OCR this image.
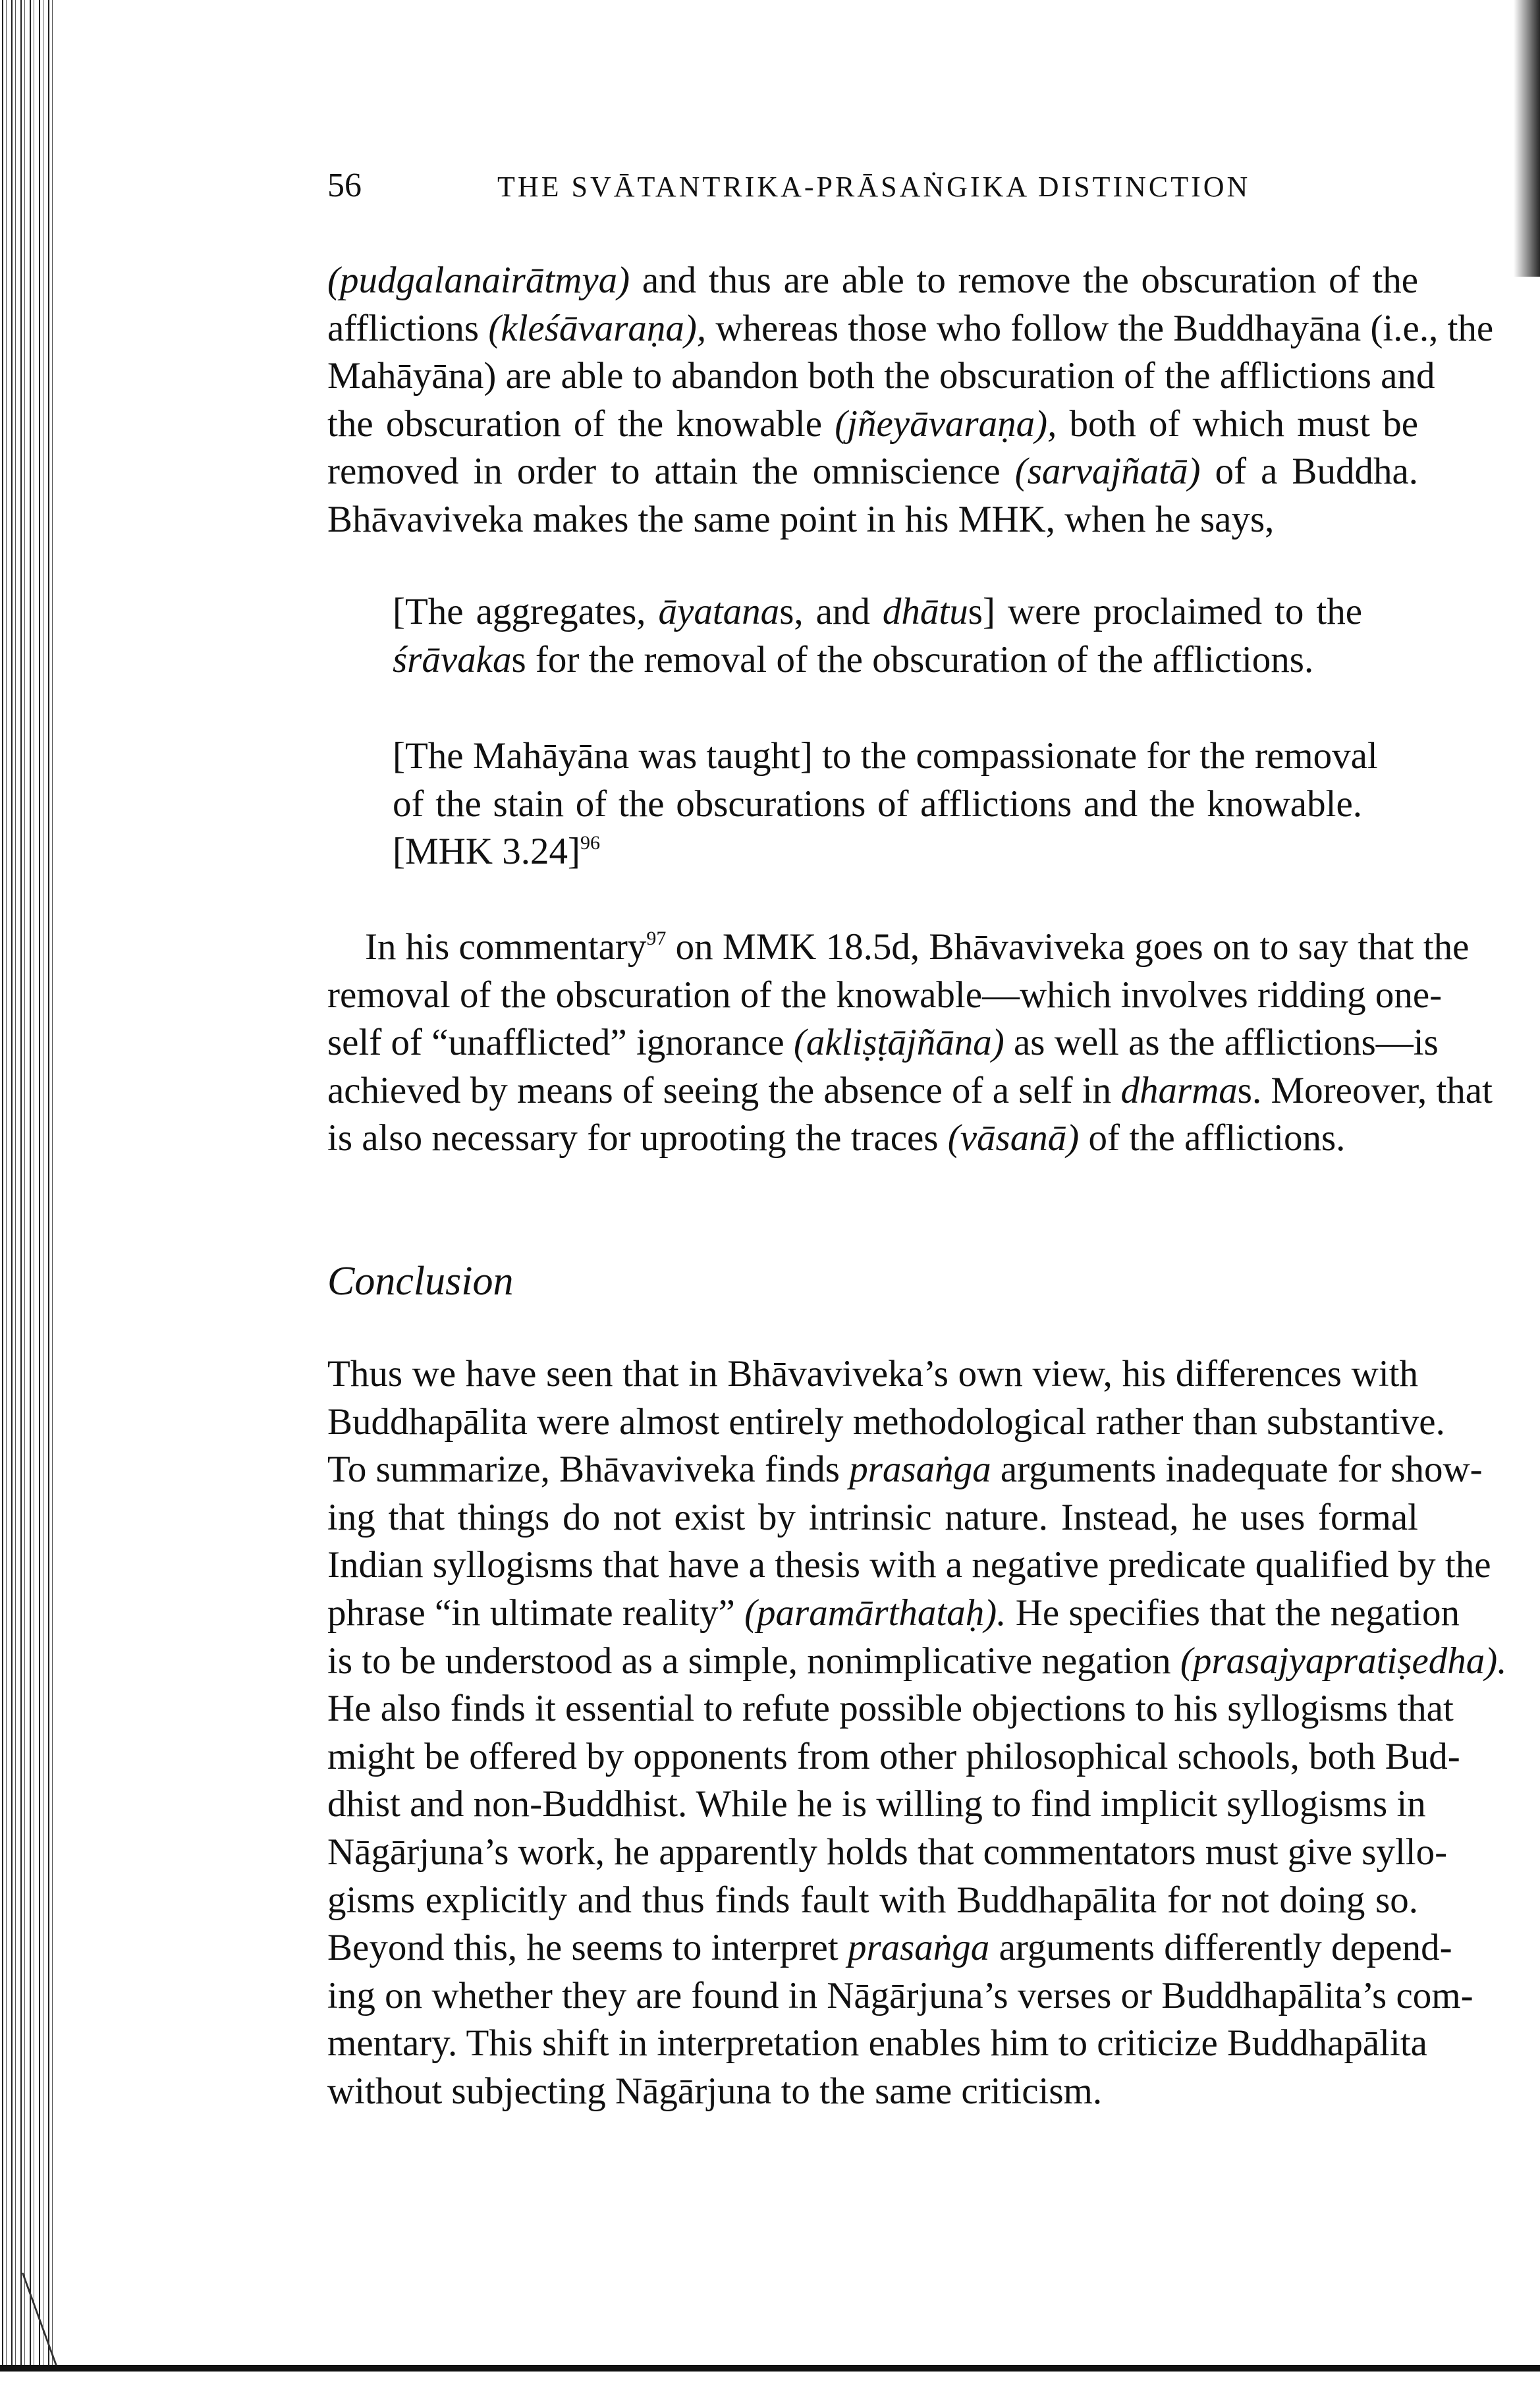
56	THE SVĀTANTRIKA-PRĀSAṄGIKA DISTINCTION
(pudgalanairātmya) and thus are able to remove the obscuration of the
afflictions (kleśāvaraṇa), whereas those who follow the Buddhayāna (i.e., the
Mahāyāna) are able to abandon both the obscuration of the afflictions and
the obscuration of the knowable (jñeyāvaraṇa), both of which must be
removed in order to attain the omniscience (sarvajñatā) of a Buddha.
Bhāvaviveka makes the same point in his MHK, when he says,
[The aggregates, āyatanas, and dhātus] were proclaimed to the
śrāvakas for the removal of the obscuration of the afflictions.
[The Mahāyāna was taught] to the compassionate for the removal
of the stain of the obscurations of afflictions and the knowable.
[MHK 3.24]$^{96}$
In his commentary$^{97}$ on MMK 18.5d, Bhāvaviveka goes on to say that the
removal of the obscuration of the knowable—which involves ridding one-
self of “unafflicted” ignorance (akliṣṭājñāna) as well as the afflictions—is
achieved by means of seeing the absence of a self in dharmas. Moreover, that
is also necessary for uprooting the traces (vāsanā) of the afflictions.
Thus we have seen that in Bhāvaviveka’s own view, his differences with
Buddhapālita were almost entirely methodological rather than substantive.
To summarize, Bhāvaviveka finds prasaṅga arguments inadequate for show-
ing that things do not exist by intrinsic nature. Instead, he uses formal
Indian syllogisms that have a thesis with a negative predicate qualified by the
phrase “in ultimate reality” (paramārthataḥ). He specifies that the negation
is to be understood as a simple, nonimplicative negation (prasajyapratiṣedha).
He also finds it essential to refute possible objections to his syllogisms that
might be offered by opponents from other philosophical schools, both Bud-
dhist and non-Buddhist. While he is willing to find implicit syllogisms in
Nāgārjuna’s work, he apparently holds that commentators must give syllo-
gisms explicitly and thus finds fault with Buddhapālita for not doing so.
Beyond this, he seems to interpret prasaṅga arguments differently depend-
ing on whether they are found in Nāgārjuna’s verses or Buddhapālita’s com-
mentary. This shift in interpretation enables him to criticize Buddhapālita
without subjecting Nāgārjuna to the same criticism.
Conclusion
